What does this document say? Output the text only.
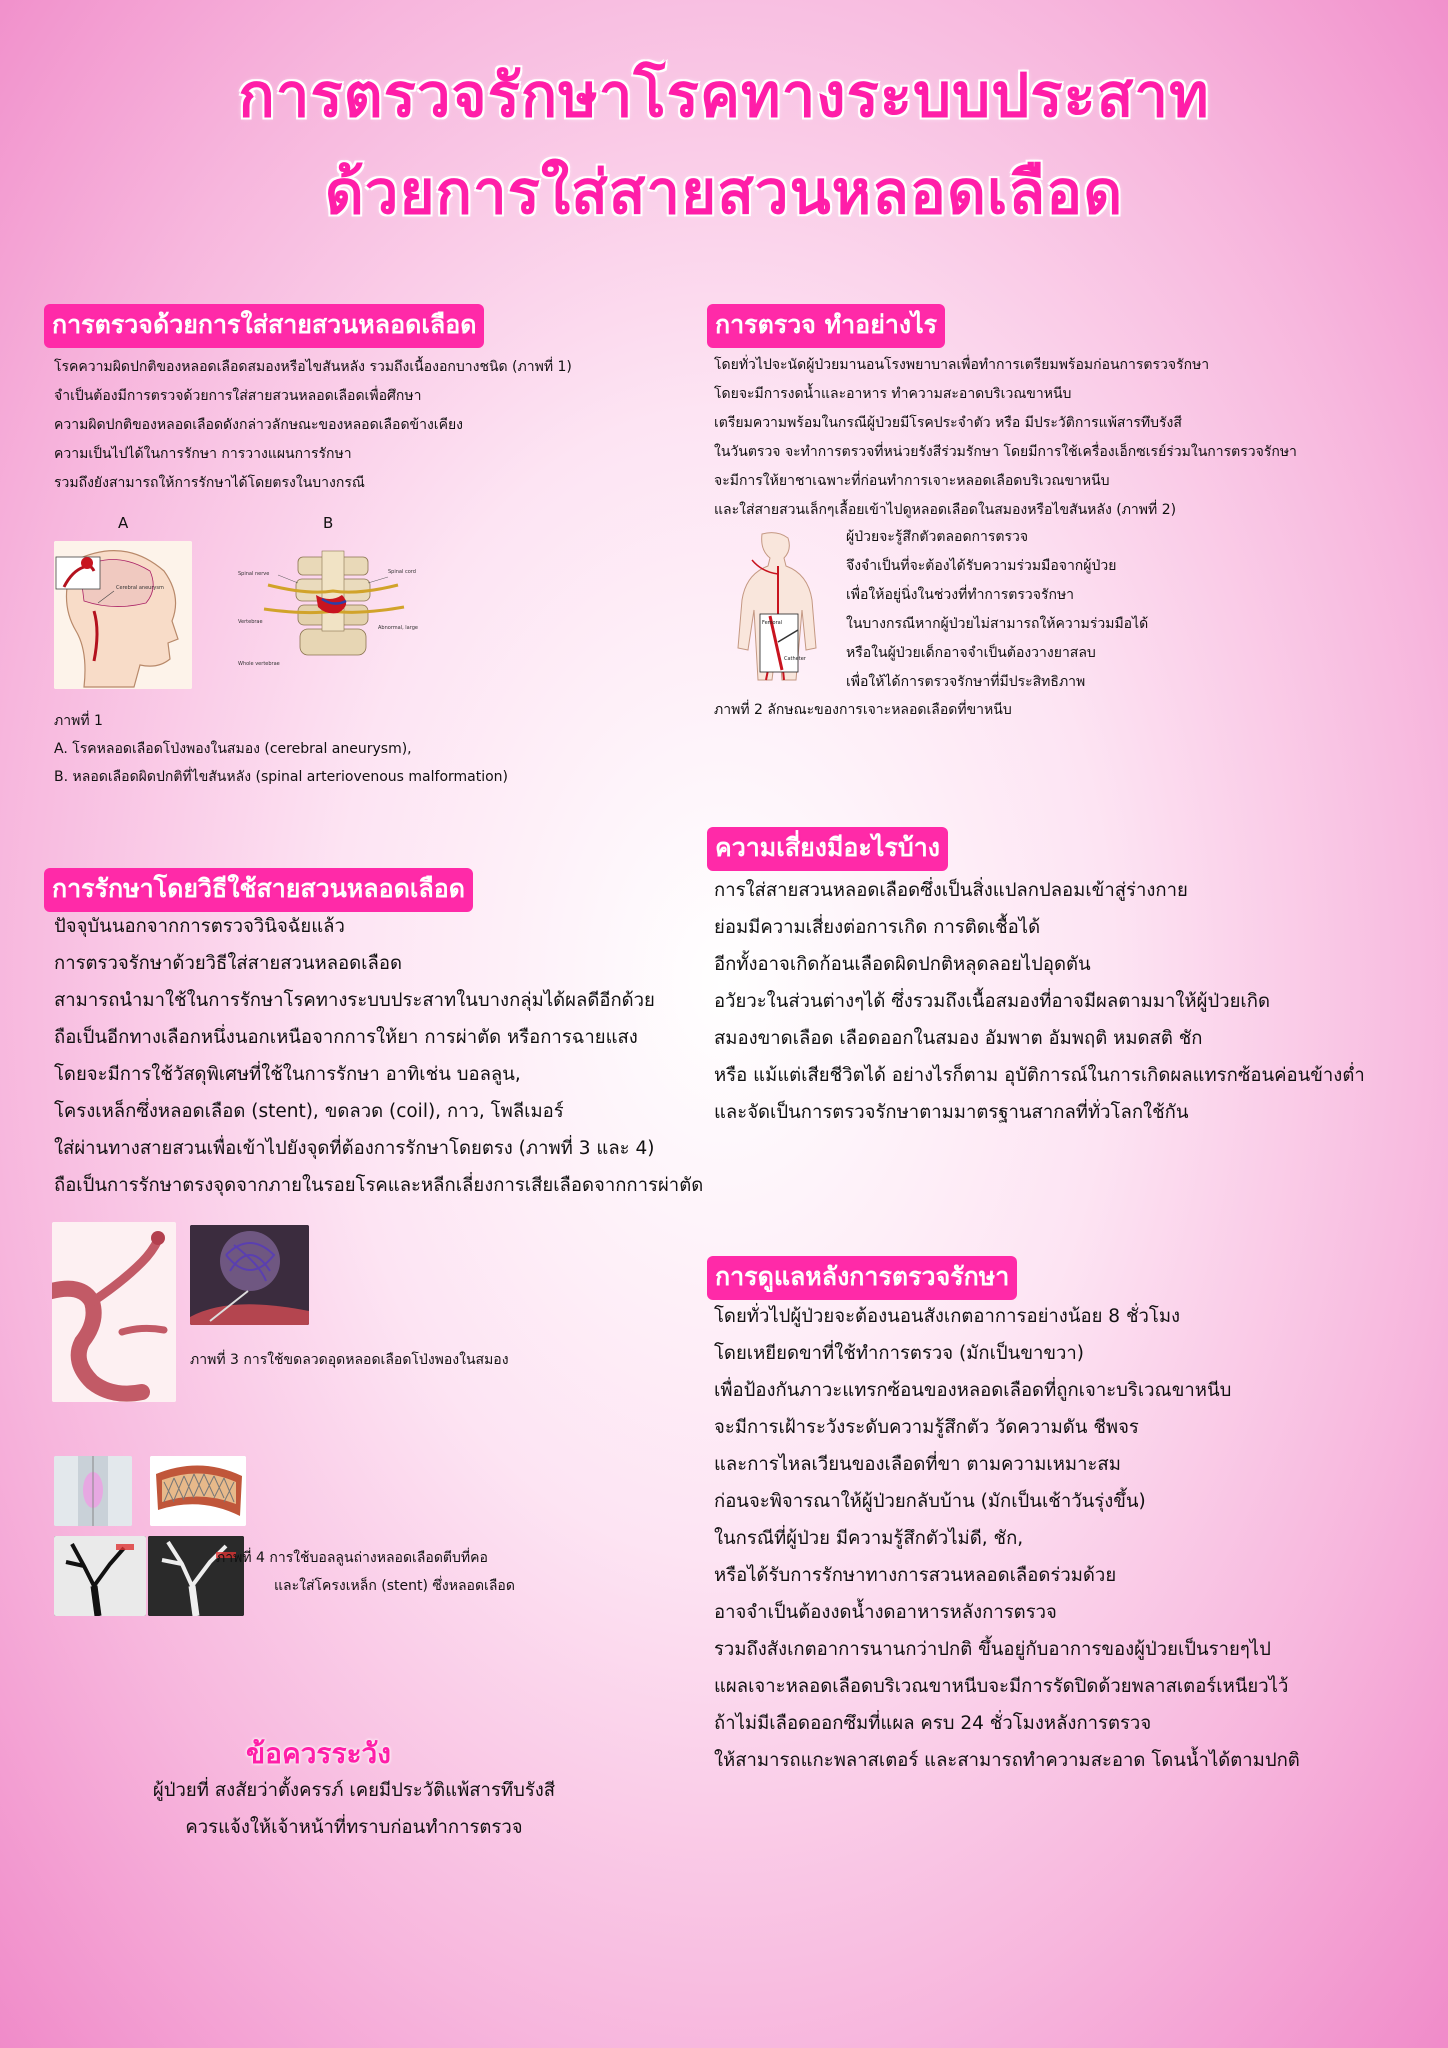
การตรวจรักษาโรคทางระบบประสาท
ด้วยการใส่สายสวนหลอดเลือด
การตรวจด้วยการใส่สายสวนหลอดเลือด
โรคความผิดปกติของหลอดเลือดสมองหรือไขสันหลัง รวมถึงเนื้องอกบางชนิด (ภาพที่ 1)
จำเป็นต้องมีการตรวจด้วยการใส่สายสวนหลอดเลือดเพื่อศึกษา
ความผิดปกติของหลอดเลือดดังกล่าวลักษณะของหลอดเลือดข้างเคียง
ความเป็นไปได้ในการรักษา การวางแผนการรักษา
รวมถึงยังสามารถให้การรักษาได้โดยตรงในบางกรณี
A	B
Cerebral aneurysm
Spinal nerve	Spinal cord
Vertebrae
Abnormal, large
Whole vertebrae
ภาพที่ 1
A. โรคหลอดเลือดโป่งพองในสมอง (cerebral aneurysm),
B. หลอดเลือดผิดปกติที่ไขสันหลัง (spinal arteriovenous malformation)
การตรวจ ทำอย่างไร
โดยทั่วไปจะนัดผู้ป่วยมานอนโรงพยาบาลเพื่อทำการเตรียมพร้อมก่อนการตรวจรักษา
โดยจะมีการงดน้ำและอาหาร ทำความสะอาดบริเวณขาหนีบ
เตรียมความพร้อมในกรณีผู้ป่วยมีโรคประจำตัว หรือ มีประวัติการแพ้สารทึบรังสี
ในวันตรวจ จะทำการตรวจที่หน่วยรังสีร่วมรักษา โดยมีการใช้เครื่องเอ็กซเรย์ร่วมในการตรวจรักษา
จะมีการให้ยาชาเฉพาะที่ก่อนทำการเจาะหลอดเลือดบริเวณขาหนีบ
และใส่สายสวนเล็กๆเลื้อยเข้าไปดูหลอดเลือดในสมองหรือไขสันหลัง (ภาพที่ 2)
Femoral
Catheter
ผู้ป่วยจะรู้สึกตัวตลอดการตรวจ
จึงจำเป็นที่จะต้องได้รับความร่วมมือจากผู้ป่วย
เพื่อให้อยู่นิ่งในช่วงที่ทำการตรวจรักษา
ในบางกรณีหากผู้ป่วยไม่สามารถให้ความร่วมมือได้
หรือในผู้ป่วยเด็กอาจจำเป็นต้องวางยาสลบ
เพื่อให้ได้การตรวจรักษาที่มีประสิทธิภาพ
ภาพที่ 2 ลักษณะของการเจาะหลอดเลือดที่ขาหนีบ
การรักษาโดยวิธีใช้สายสวนหลอดเลือด
ปัจจุบันนอกจากการตรวจวินิจฉัยแล้ว
การตรวจรักษาด้วยวิธีใส่สายสวนหลอดเลือด
สามารถนำมาใช้ในการรักษาโรคทางระบบประสาทในบางกลุ่มได้ผลดีอีกด้วย
ถือเป็นอีกทางเลือกหนึ่งนอกเหนือจากการให้ยา การผ่าตัด หรือการฉายแสง
โดยจะมีการใช้วัสดุพิเศษที่ใช้ในการรักษา อาทิเช่น บอลลูน,
โครงเหล็กซึ่งหลอดเลือด (stent), ขดลวด (coil), กาว, โพลีเมอร์
ใส่ผ่านทางสายสวนเพื่อเข้าไปยังจุดที่ต้องการรักษาโดยตรง (ภาพที่ 3 และ 4)
ถือเป็นการรักษาตรงจุดจากภายในรอยโรคและหลีกเลี่ยงการเสียเลือดจากการผ่าตัด
ภาพที่ 3 การใช้ขดลวดอุดหลอดเลือดโป่งพองในสมอง
ภาพที่ 4 การใช้บอลลูนถ่างหลอดเลือดตีบที่คอ
และใส่โครงเหล็ก (stent) ซึ่งหลอดเลือด
ความเสี่ยงมีอะไรบ้าง
การใส่สายสวนหลอดเลือดซึ่งเป็นสิ่งแปลกปลอมเข้าสู่ร่างกาย
ย่อมมีความเสี่ยงต่อการเกิด การติดเชื้อได้
อีกทั้งอาจเกิดก้อนเลือดผิดปกติหลุดลอยไปอุดตัน
อวัยวะในส่วนต่างๆได้ ซึ่งรวมถึงเนื้อสมองที่อาจมีผลตามมาให้ผู้ป่วยเกิด
สมองขาดเลือด เลือดออกในสมอง อัมพาต อัมพฤติ หมดสติ ชัก
หรือ แม้แต่เสียชีวิตได้ อย่างไรก็ตาม อุบัติการณ์ในการเกิดผลแทรกซ้อนค่อนข้างต่ำ
และจัดเป็นการตรวจรักษาตามมาตรฐานสากลที่ทั่วโลกใช้กัน
การดูแลหลังการตรวจรักษา
โดยทั่วไปผู้ป่วยจะต้องนอนสังเกตอาการอย่างน้อย 8 ชั่วโมง
โดยเหยียดขาที่ใช้ทำการตรวจ (มักเป็นขาขวา)
เพื่อป้องกันภาวะแทรกซ้อนของหลอดเลือดที่ถูกเจาะบริเวณขาหนีบ
จะมีการเฝ้าระวังระดับความรู้สึกตัว วัดความดัน ชีพจร
และการไหลเวียนของเลือดที่ขา ตามความเหมาะสม
ก่อนจะพิจารณาให้ผู้ป่วยกลับบ้าน (มักเป็นเช้าวันรุ่งขึ้น)
ในกรณีที่ผู้ป่วย มีความรู้สึกตัวไม่ดี, ชัก,
หรือได้รับการรักษาทางการสวนหลอดเลือดร่วมด้วย
อาจจำเป็นต้องงดน้ำงดอาหารหลังการตรวจ
รวมถึงสังเกตอาการนานกว่าปกติ ขึ้นอยู่กับอาการของผู้ป่วยเป็นรายๆไป
แผลเจาะหลอดเลือดบริเวณขาหนีบจะมีการรัดปิดด้วยพลาสเตอร์เหนียวไว้
ถ้าไม่มีเลือดออกซึมที่แผล ครบ 24 ชั่วโมงหลังการตรวจ
ให้สามารถแกะพลาสเตอร์ และสามารถทำความสะอาด โดนน้ำได้ตามปกติ
ข้อควรระวัง
ผู้ป่วยที่ สงสัยว่าตั้งครรภ์ เคยมีประวัติแพ้สารทึบรังสี
ควรแจ้งให้เจ้าหน้าที่ทราบก่อนทำการตรวจ
